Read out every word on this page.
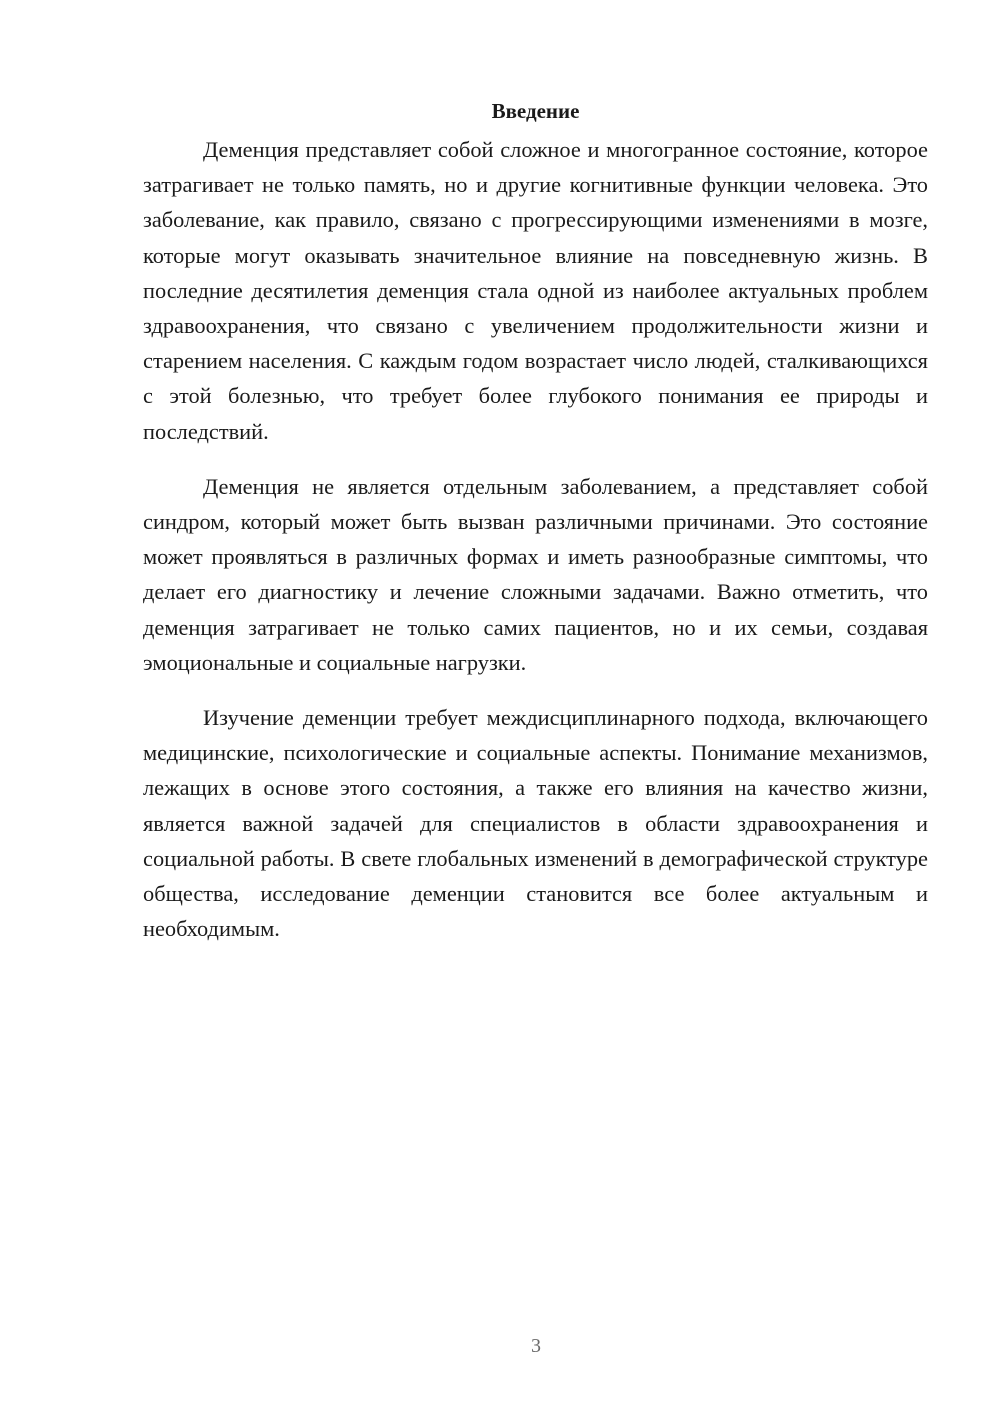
Введение

Деменция представляет собой сложное и многогранное состояние, которое затрагивает не только память, но и другие когнитивные функции человека. Это заболевание, как правило, связано с прогрессирующими изменениями в мозге, которые могут оказывать значительное влияние на повседневную жизнь. В последние десятилетия деменция стала одной из наиболее актуальных проблем здравоохранения, что связано с увеличением продолжительности жизни и старением населения. С каждым годом возрастает число людей, сталкивающихся с этой болезнью, что требует более глубокого понимания ее природы и последствий.

Деменция не является отдельным заболеванием, а представляет собой синдром, который может быть вызван различными причинами. Это состояние может проявляться в различных формах и иметь разнообразные симптомы, что делает его диагностику и лечение сложными задачами. Важно отметить, что деменция затрагивает не только самих пациентов, но и их семьи, создавая эмоциональные и социальные нагрузки.

Изучение деменции требует междисциплинарного подхода, включающего медицинские, психологические и социальные аспекты. Понимание механизмов, лежащих в основе этого состояния, а также его влияния на качество жизни, является важной задачей для специалистов в области здравоохранения и социальной работы. В свете глобальных изменений в демографической структуре общества, исследование деменции становится все более актуальным и необходимым.

3
